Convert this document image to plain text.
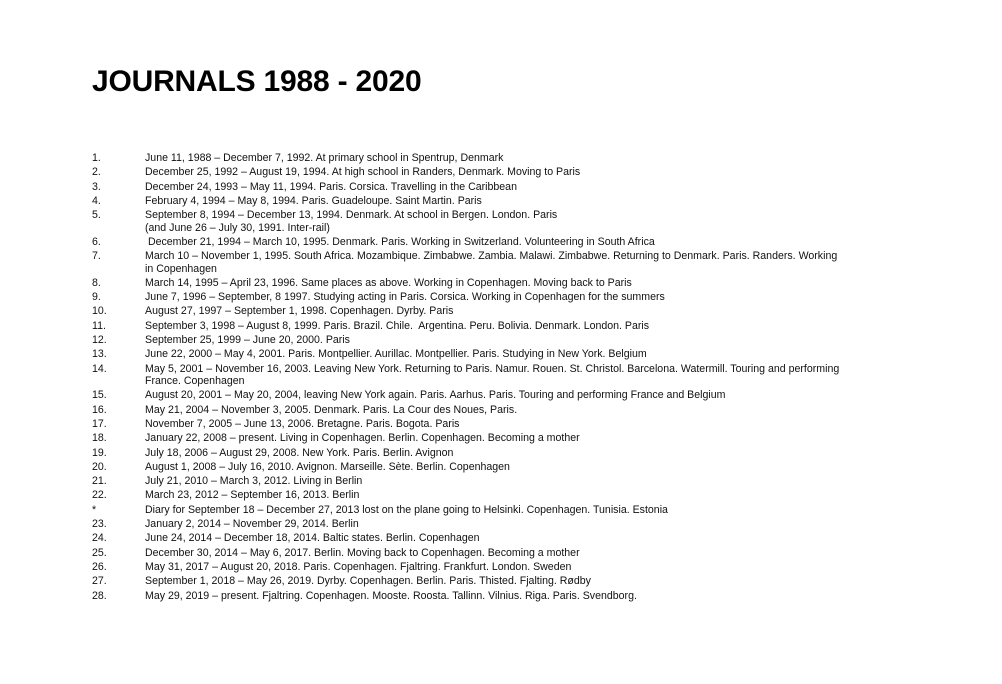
JOURNALS 1988 - 2020
1.	June 11, 1988 – December 7, 1992. At primary school in Spentrup, Denmark
2.	December 25, 1992 – August 19, 1994. At high school in Randers, Denmark. Moving to Paris
3.	December 24, 1993 – May 11, 1994. Paris. Corsica. Travelling in the Caribbean
4.	February 4, 1994 – May 8, 1994. Paris. Guadeloupe. Saint Martin. Paris
5.	September 8, 1994 – December 13, 1994. Denmark. At school in Bergen. London. Paris
(and June 26 – July 30, 1991. Inter-rail)
6.	December 21, 1994 – March 10, 1995. Denmark. Paris. Working in Switzerland. Volunteering in South Africa
7.	March 10 – November 1, 1995. South Africa. Mozambique. Zimbabwe. Zambia. Malawi. Zimbabwe. Returning to Denmark. Paris. Randers. Working
in Copenhagen
8.	March 14, 1995 – April 23, 1996. Same places as above. Working in Copenhagen. Moving back to Paris
9.	June 7, 1996 – September, 8 1997. Studying acting in Paris. Corsica. Working in Copenhagen for the summers
10.	August 27, 1997 – September 1, 1998. Copenhagen. Dyrby. Paris
11.	September 3, 1998 – August 8, 1999. Paris. Brazil. Chile.  Argentina. Peru. Bolivia. Denmark. London. Paris
12.	September 25, 1999 – June 20, 2000. Paris
13.	June 22, 2000 – May 4, 2001. Paris. Montpellier. Aurillac. Montpellier. Paris. Studying in New York. Belgium
14.	May 5, 2001 – November 16, 2003. Leaving New York. Returning to Paris. Namur. Rouen. St. Christol. Barcelona. Watermill. Touring and performing
France. Copenhagen
15.	August 20, 2001 – May 20, 2004, leaving New York again. Paris. Aarhus. Paris. Touring and performing France and Belgium
16.	May 21, 2004 – November 3, 2005. Denmark. Paris. La Cour des Noues, Paris.
17.	November 7, 2005 – June 13, 2006. Bretagne. Paris. Bogota. Paris
18.	January 22, 2008 – present. Living in Copenhagen. Berlin. Copenhagen. Becoming a mother
19.	July 18, 2006 – August 29, 2008. New York. Paris. Berlin. Avignon
20.	August 1, 2008 – July 16, 2010. Avignon. Marseille. Sète. Berlin. Copenhagen
21.	July 21, 2010 – March 3, 2012. Living in Berlin
22.	March 23, 2012 – September 16, 2013. Berlin
*	Diary for September 18 – December 27, 2013 lost on the plane going to Helsinki. Copenhagen. Tunisia. Estonia
23.	January 2, 2014 – November 29, 2014. Berlin
24.	June 24, 2014 – December 18, 2014. Baltic states. Berlin. Copenhagen
25.	December 30, 2014 – May 6, 2017. Berlin. Moving back to Copenhagen. Becoming a mother
26.	May 31, 2017 – August 20, 2018. Paris. Copenhagen. Fjaltring. Frankfurt. London. Sweden
27.	September 1, 2018 – May 26, 2019. Dyrby. Copenhagen. Berlin. Paris. Thisted. Fjalting. Rødby
28.	May 29, 2019 – present. Fjaltring. Copenhagen. Mooste. Roosta. Tallinn. Vilnius. Riga. Paris. Svendborg.
